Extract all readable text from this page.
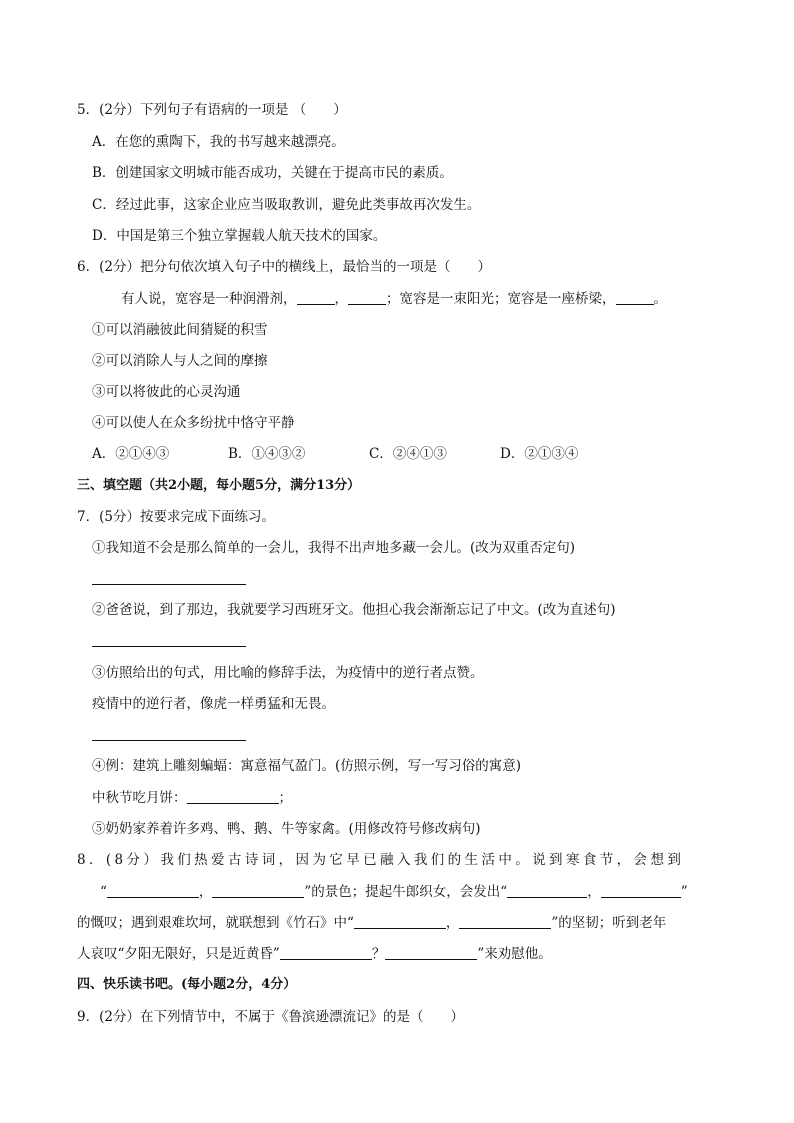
5．(2分）下列句子有语病的一项是 （　　）
A．在您的熏陶下，我的书写越来越漂亮。
B．创建国家文明城市能否成功，关键在于提高市民的素质。
C．经过此事，这家企业应当吸取教训，避免此类事故再次发生。
D．中国是第三个独立掌握载人航天技术的国家。
6．(2分）把分句依次填入句子中的横线上，最恰当的一项是（　　）
有人说，宽容是一种润滑剂，	，	；宽容是一束阳光；宽容是一座桥梁，	。
①可以消融彼此间猜疑的积雪
②可以消除人与人之间的摩擦
③可以将彼此的心灵沟通
④可以使人在众多纷扰中恪守平静
A．②①④③	B．①④③②	C．②④①③	D．②①③④
三、填空题（共2小题，每小题5分，满分13分）
7．(5分）按要求完成下面练习。
①我知道不会是那么简单的一会儿，我得不出声地多藏一会儿。(改为双重否定句)
②爸爸说，到了那边，我就要学习西班牙文。他担心我会渐渐忘记了中文。(改为直述句)
③仿照给出的句式，用比喻的修辞手法，为疫情中的逆行者点赞。
疫情中的逆行者，像虎一样勇猛和无畏。
④例：建筑上雕刻蝙蝠：寓意福气盈门。(仿照示例，写一写习俗的寓意)
中秋节吃月饼：	；
⑤奶奶家养着许多鸡、鸭、鹅、牛等家禽。(用修改符号修改病句)
8．(8分）我们热爱古诗词，因为它早已融入我们的生活中。说到寒食节，会想到
“	，	”的景色；提起牛郎织女，会发出“	，	”
的慨叹；遇到艰难坎坷，就联想到《竹石》中“	，	”的坚韧；听到老年
人哀叹“夕阳无限好，只是近黄昏”	？	”来劝慰他。
四、快乐读书吧。(每小题2分，4分）
9．(2分）在下列情节中，不属于《鲁滨逊漂流记》的是（　　）
